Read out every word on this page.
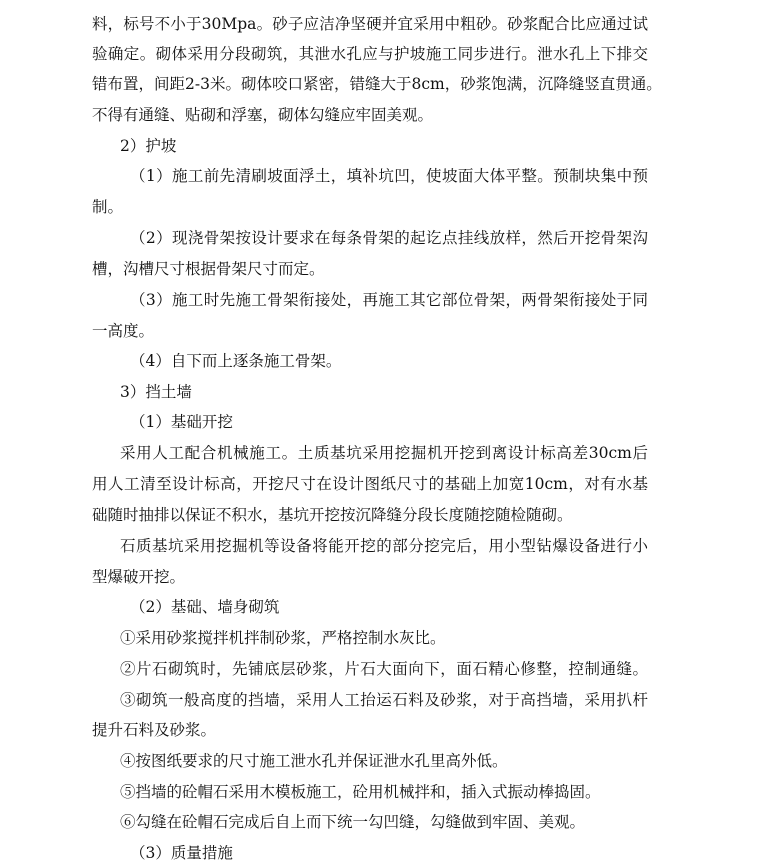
料，标号不小于30Mpa。砂子应洁净坚硬并宜采用中粗砂。砂浆配合比应通过试
验确定。砌体采用分段砌筑，其泄水孔应与护坡施工同步进行。泄水孔上下排交
错布置，间距2-3米。砌体咬口紧密，错缝大于8cm，砂浆饱满，沉降缝竖直贯通。
不得有通缝、贴砌和浮塞，砌体勾缝应牢固美观。
2）护坡
（1）施工前先清刷坡面浮土，填补坑凹，使坡面大体平整。预制块集中预
制。
（2）现浇骨架按设计要求在每条骨架的起讫点挂线放样，然后开挖骨架沟
槽，沟槽尺寸根据骨架尺寸而定。
（3）施工时先施工骨架衔接处，再施工其它部位骨架，两骨架衔接处于同
一高度。
（4）自下而上逐条施工骨架。
3）挡土墙
（1）基础开挖
采用人工配合机械施工。土质基坑采用挖掘机开挖到离设计标高差30cm后
用人工清至设计标高，开挖尺寸在设计图纸尺寸的基础上加宽10cm，对有水基
础随时抽排以保证不积水，基坑开挖按沉降缝分段长度随挖随检随砌。
石质基坑采用挖掘机等设备将能开挖的部分挖完后，用小型钻爆设备进行小
型爆破开挖。
（2）基础、墙身砌筑
①采用砂浆搅拌机拌制砂浆，严格控制水灰比。
②片石砌筑时，先铺底层砂浆，片石大面向下，面石精心修整，控制通缝。
③砌筑一般高度的挡墙，采用人工抬运石料及砂浆，对于高挡墙，采用扒杆
提升石料及砂浆。
④按图纸要求的尺寸施工泄水孔并保证泄水孔里高外低。
⑤挡墙的砼帽石采用木模板施工，砼用机械拌和，插入式振动棒捣固。
⑥勾缝在砼帽石完成后自上而下统一勾凹缝，勾缝做到牢固、美观。
（3）质量措施
